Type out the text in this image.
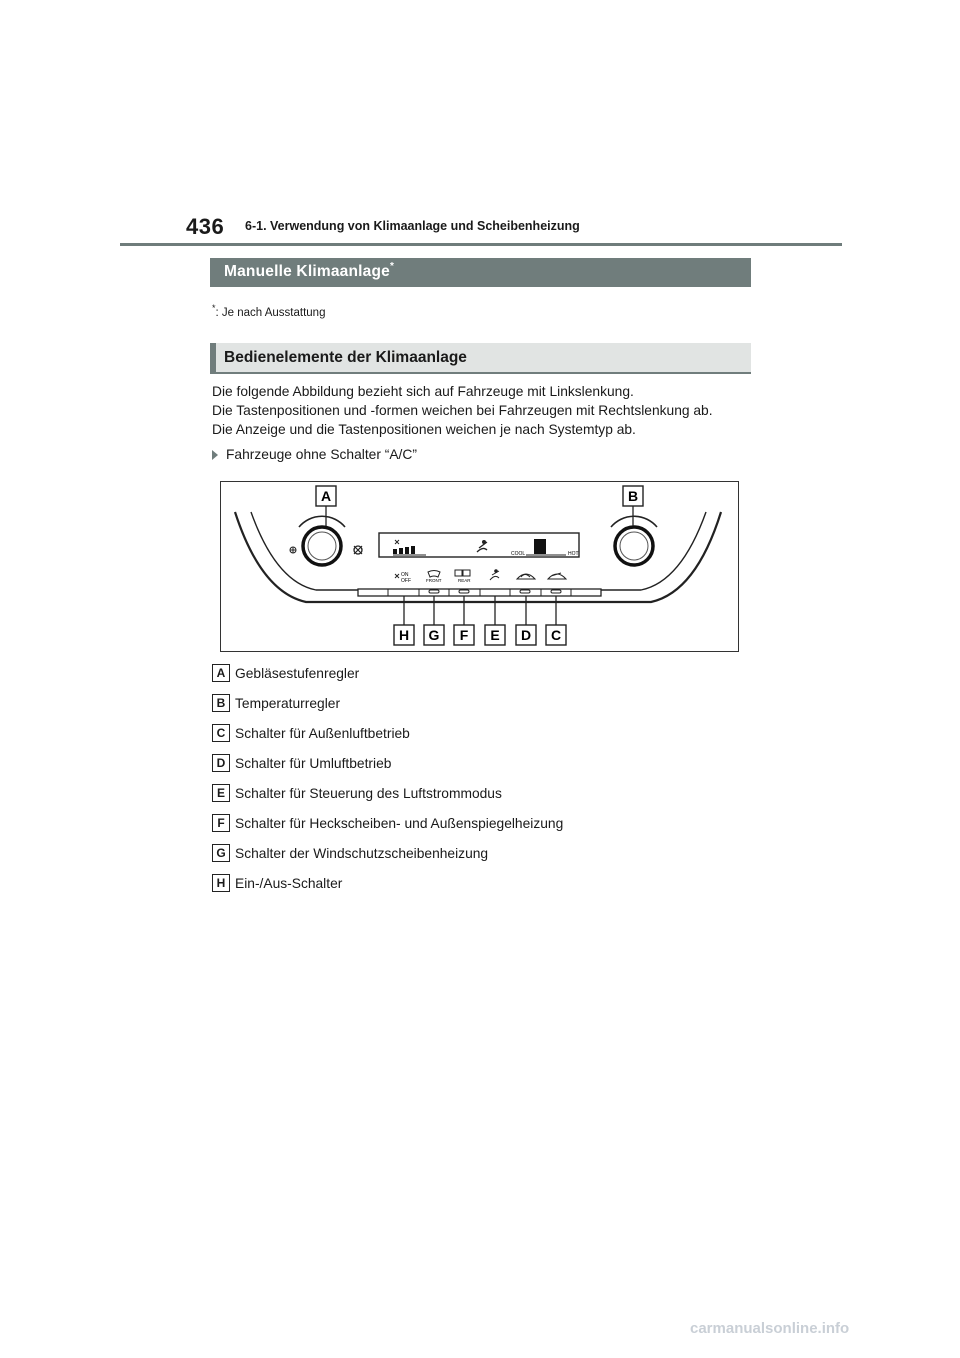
436 6-1. Verwendung von Klimaanlage und Scheibenheizung
Manuelle Klimaanlage*
*: Je nach Ausstattung
Bedienelemente der Klimaanlage
Die folgende Abbildung bezieht sich auf Fahrzeuge mit Linkslenkung.
Die Tastenpositionen und -formen weichen bei Fahrzeugen mit Rechtslenkung ab.
Die Anzeige und die Tastenpositionen weichen je nach Systemtyp ab.
Fahrzeuge ohne Schalter “A/C”
COOL	HOT
ON
OFF	FRONT	REAR
A	B
H G F E D C
A Gebläsestufenregler
B Temperaturregler
C Schalter für Außenluftbetrieb
D Schalter für Umluftbetrieb
E Schalter für Steuerung des Luftstrommodus
F Schalter für Heckscheiben- und Außenspiegelheizung
G Schalter der Windschutzscheibenheizung
H Ein-/Aus-Schalter
carmanualsonline.info
